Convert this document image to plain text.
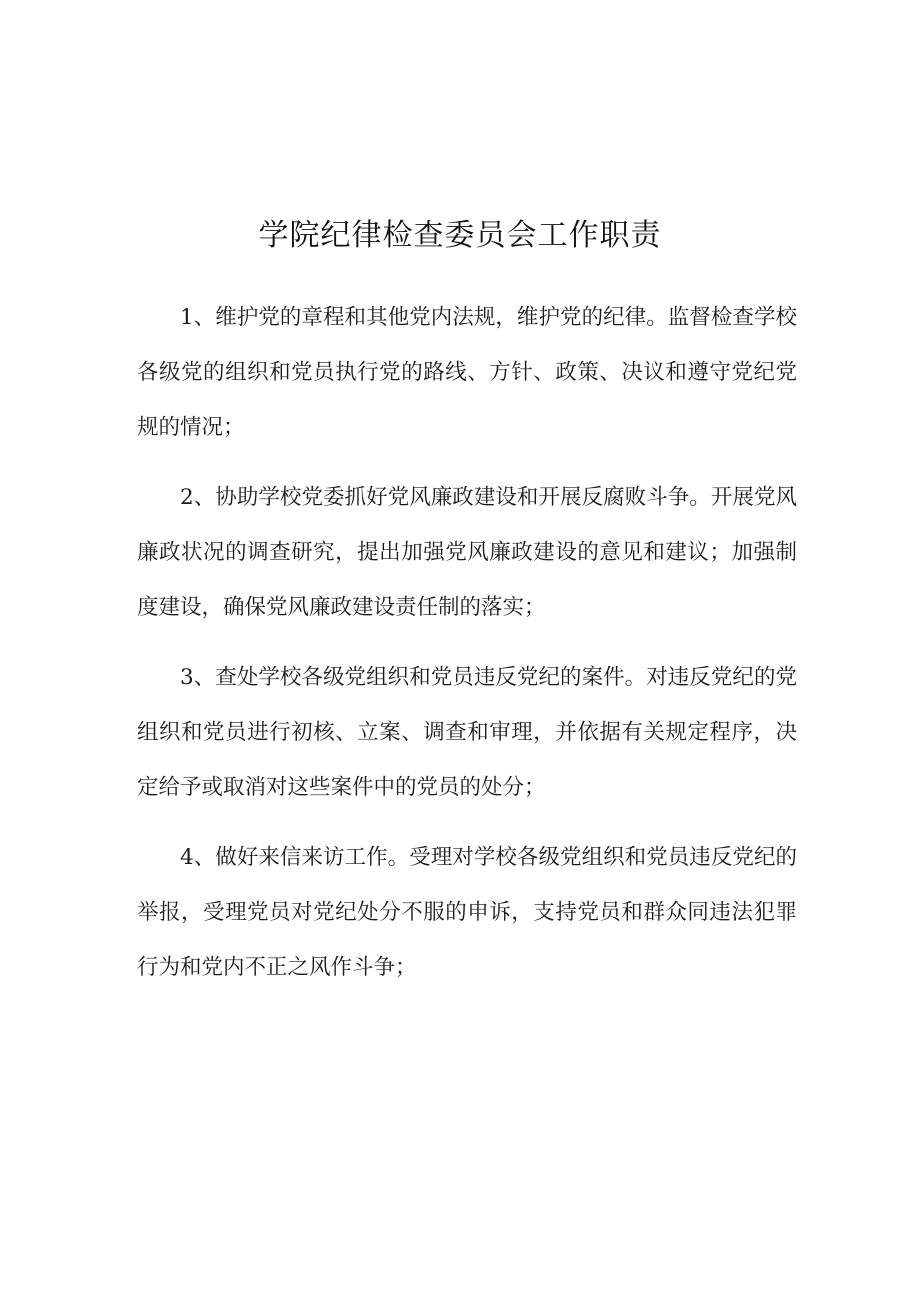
学院纪律检查委员会工作职责

1、维护党的章程和其他党内法规，维护党的纪律。监督检查学校各级党的组织和党员执行党的路线、方针、政策、决议和遵守党纪党规的情况；

2、协助学校党委抓好党风廉政建设和开展反腐败斗争。开展党风廉政状况的调查研究，提出加强党风廉政建设的意见和建议；加强制度建设，确保党风廉政建设责任制的落实；

3、查处学校各级党组织和党员违反党纪的案件。对违反党纪的党组织和党员进行初核、立案、调查和审理，并依据有关规定程序，决定给予或取消对这些案件中的党员的处分；

4、做好来信来访工作。受理对学校各级党组织和党员违反党纪的举报，受理党员对党纪处分不服的申诉，支持党员和群众同违法犯罪行为和党内不正之风作斗争；
